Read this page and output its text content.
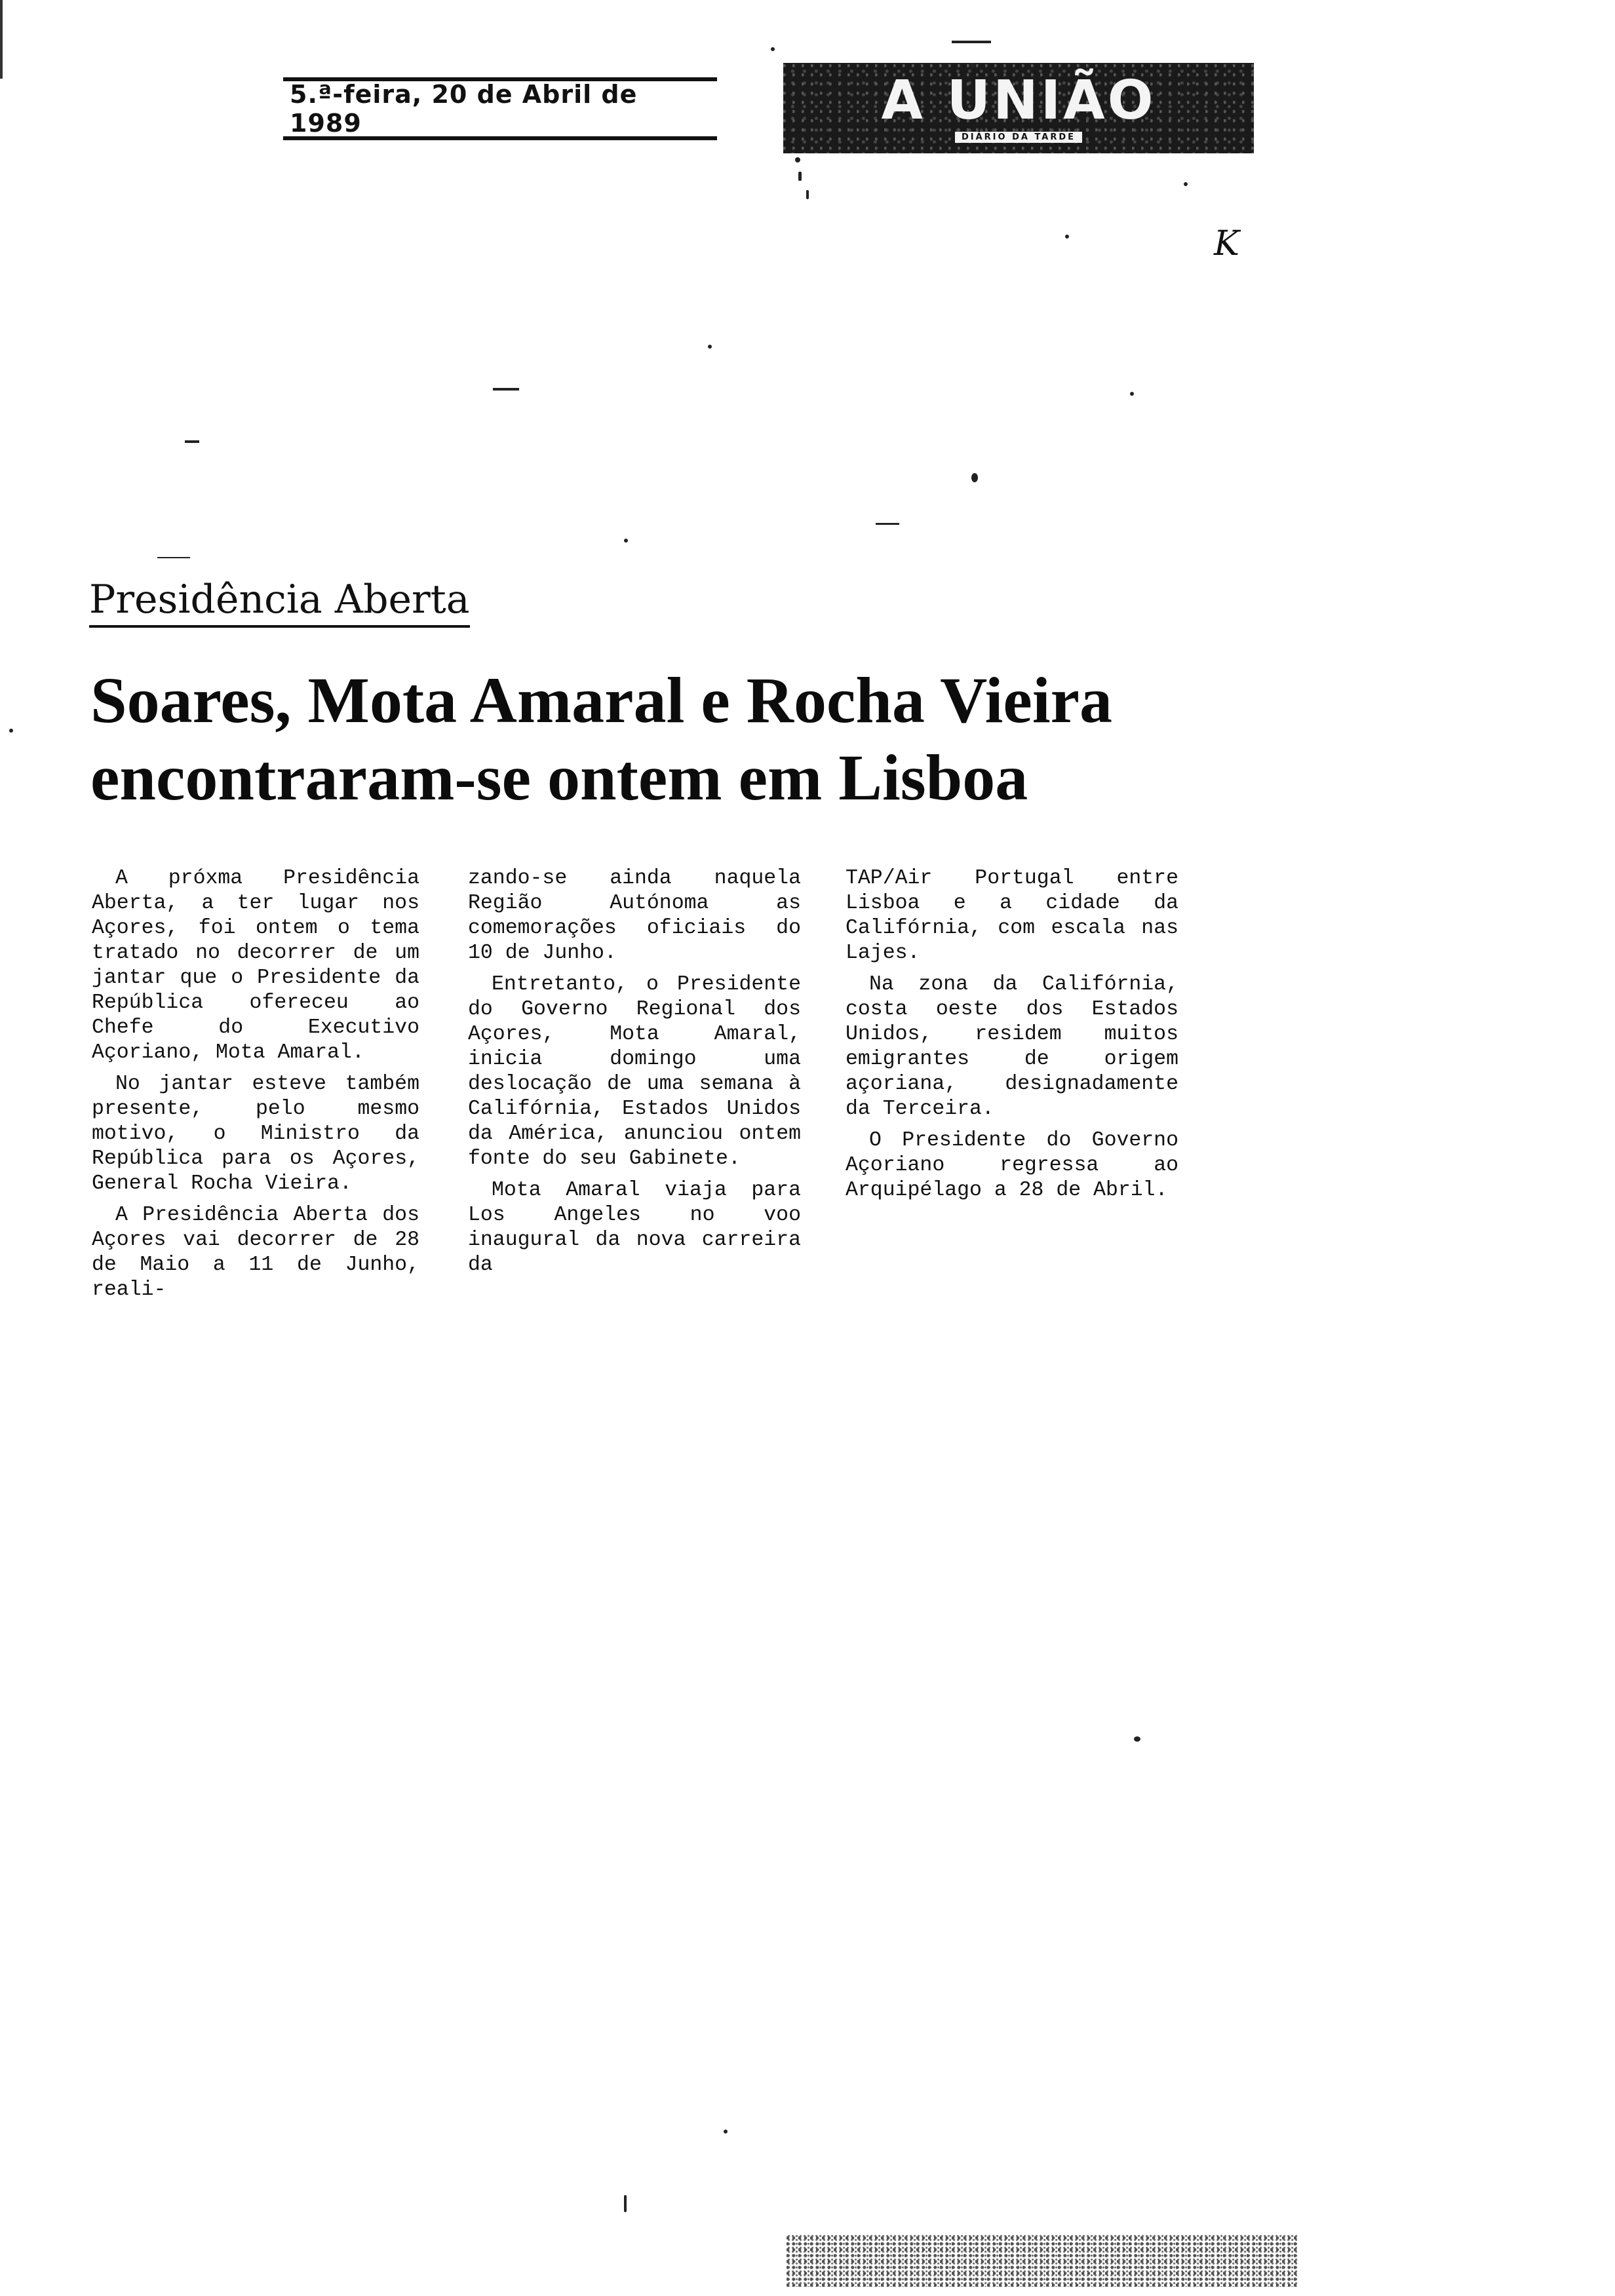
5.ª-feira, 20 de Abril de 1989	A UNIÃO
DIÁRIO DA TARDE
K
Presidência Aberta
Soares, Mota Amaral e Rocha Vieira
encontraram-se ontem em Lisboa

A próxma Presidência Aberta, a ter lugar nos Açores, foi ontem o tema tratado no decorrer de um jantar que o Presidente da República ofereceu ao Chefe do Executivo Açoriano, Mota Amaral.

No jantar esteve também presente, pelo mesmo motivo, o Ministro da República para os Açores, General Rocha Vieira.

A Presidência Aberta dos Açores vai decorrer de 28 de Maio a 11 de Junho, reali-

zando-se ainda naquela Região Autónoma as comemorações oficiais do 10 de Junho.

Entretanto, o Presidente do Governo Regional dos Açores, Mota Amaral, inicia domingo uma deslocação de uma semana à Califórnia, Estados Unidos da América, anunciou ontem fonte do seu Gabinete.

Mota Amaral viaja para Los Angeles no voo inaugural da nova carreira da

TAP/Air Portugal entre Lisboa e a cidade da Califórnia, com escala nas Lajes.

Na zona da Califórnia, costa oeste dos Estados Unidos, residem muitos emigrantes de origem açoriana, designadamente da Terceira.

O Presidente do Governo Açoriano regressa ao Arquipélago a 28 de Abril.
